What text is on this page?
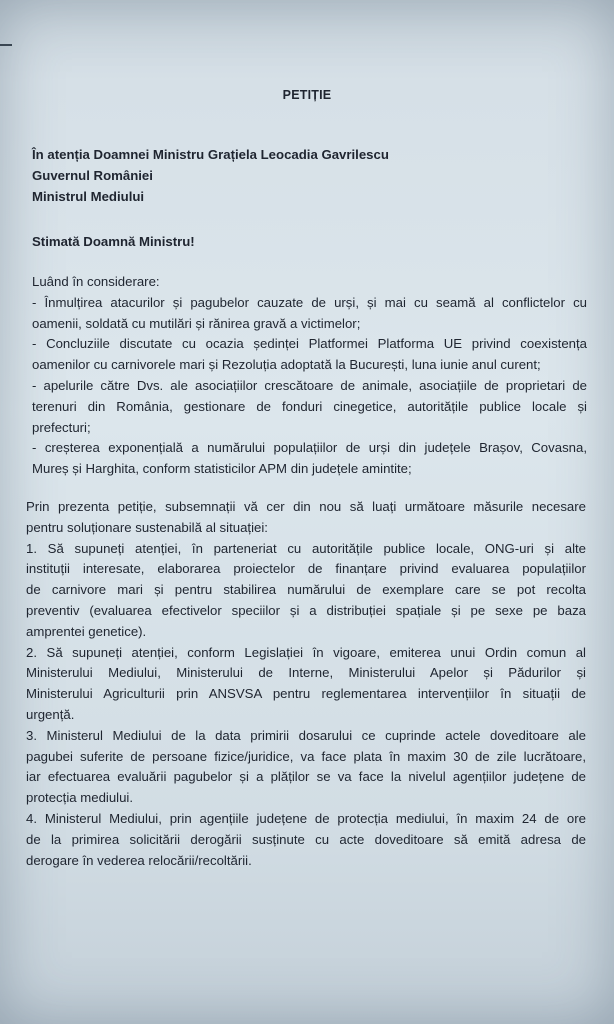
PETIȚIE
În atenția Doamnei Ministru Grațiela Leocadia Gavrilescu
Guvernul României
Ministrul Mediului
Stimată Doamnă Ministru!
Luând în considerare:
- Înmulțirea atacurilor și pagubelor cauzate de urși, și mai cu seamă al conflictelor cu
oamenii, soldată cu mutilări și rănirea gravă a victimelor;
- Concluziile discutate cu ocazia ședinței Platformei Platforma UE privind coexistența
oamenilor cu carnivorele mari și Rezoluția adoptată la București, luna iunie anul curent;
- apelurile către Dvs. ale asociațiilor crescătoare de animale, asociațiile de proprietari de
terenuri din România, gestionare de fonduri cinegetice, autoritățile publice locale și
prefecturi;
- creșterea exponențială a numărului populațiilor de urși din județele Brașov, Covasna,
Mureș și Harghita, conform statisticilor APM din județele amintite;
Prin prezenta petiție, subsemnații vă cer din nou să luați următoare măsurile necesare
pentru soluționare sustenabilă al situației:
1. Să supuneți atenției, în parteneriat cu autoritățile publice locale, ONG-uri și alte
instituții interesate, elaborarea proiectelor de finanțare privind evaluarea populațiilor
de carnivore mari și pentru stabilirea numărului de exemplare care se pot recolta
preventiv (evaluarea efectivelor speciilor și a distribuției spațiale și pe sexe pe baza
amprentei genetice).
2. Să supuneți atenției, conform Legislației în vigoare, emiterea unui Ordin comun al
Ministerului Mediului, Ministerului de Interne, Ministerului Apelor și Pădurilor și
Ministerului Agriculturii prin ANSVSA pentru reglementarea intervențiilor în situații de
urgență.
3. Ministerul Mediului de la data primirii dosarului ce cuprinde actele doveditoare ale
pagubei suferite de persoane fizice/juridice, va face plata în maxim 30 de zile lucrătoare,
iar efectuarea evaluării pagubelor și a plăților se va face la nivelul agențiilor județene de
protecția mediului.
4. Ministerul Mediului, prin agențiile județene de protecția mediului, în maxim 24 de ore
de la primirea solicitării derogării susținute cu acte doveditoare să emită adresa de
derogare în vederea relocării/recoltării.
